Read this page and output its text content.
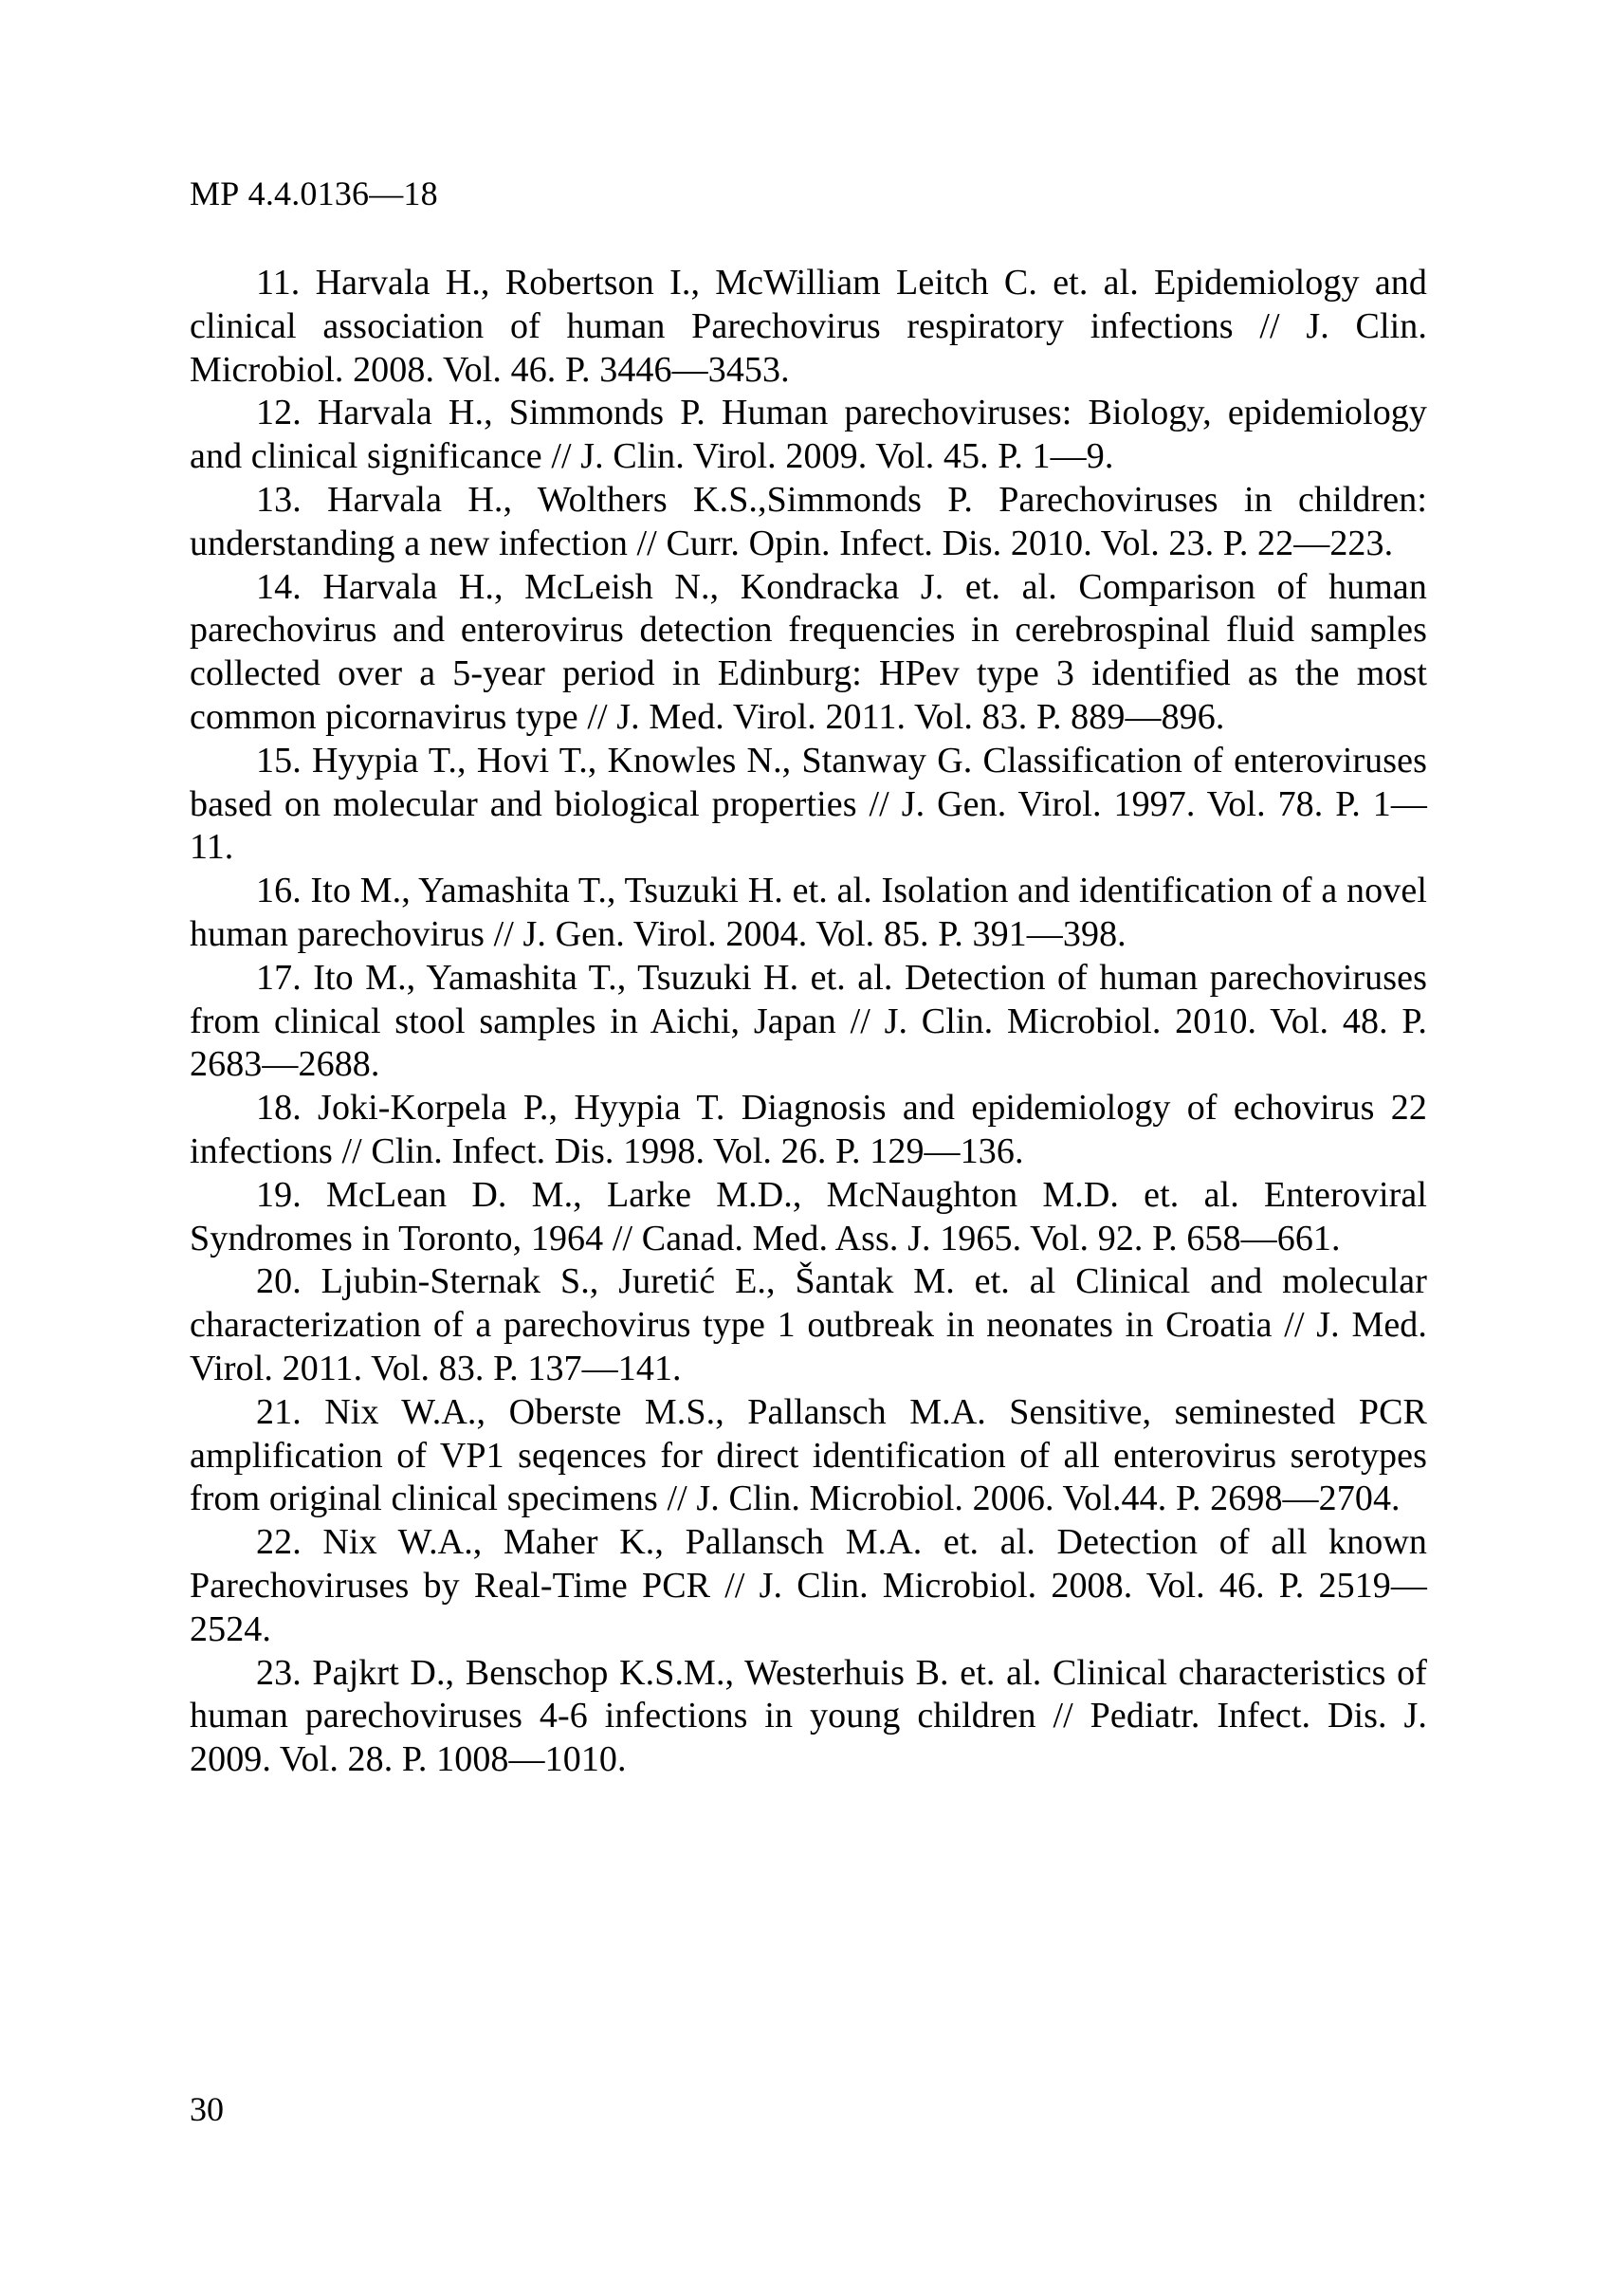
МР 4.4.0136—18
11. Harvala H., Robertson I., McWilliam Leitch C. et. al. Epidemiology and clinical association of human Parechovirus respiratory infections // J. Clin. Microbiol. 2008. Vol. 46. P. 3446—3453.
12. Harvala H., Simmonds P. Human parechoviruses: Biology, epidemiology and clinical significance // J. Clin. Virol. 2009. Vol. 45. P. 1—9.
13. Harvala H., Wolthers K.S.,Simmonds P. Parechoviruses in children: understanding a new infection // Curr. Opin. Infect. Dis. 2010. Vol. 23. P. 22—223.
14. Harvala H., McLeish N., Kondracka J. et. al. Comparison of human parechovirus and enterovirus detection frequencies in cerebrospinal fluid samples collected over a 5-year period in Edinburg: HPev type 3 identified as the most common picornavirus type // J. Med. Virol. 2011. Vol. 83. P. 889—896.
15. Hyypia T., Hovi T., Knowles N., Stanway G. Classification of enteroviruses based on molecular and biological properties // J. Gen. Virol. 1997. Vol. 78. P. 1—11.
16. Ito M., Yamashita T., Tsuzuki H. et. al. Isolation and identification of a novel human parechovirus // J. Gen. Virol. 2004. Vol. 85. P. 391—398.
17. Ito M., Yamashita T., Tsuzuki H. et. al. Detection of human parechoviruses from clinical stool samples in Aichi, Japan // J. Clin. Microbiol. 2010. Vol. 48. P. 2683—2688.
18. Joki-Korpela P., Hyypia T. Diagnosis and epidemiology of echovirus 22 infections // Clin. Infect. Dis. 1998. Vol. 26. P. 129—136.
19. McLean D. M., Larke M.D., McNaughton M.D. et. al. Enteroviral Syndromes in Toronto, 1964 // Canad. Med. Ass. J. 1965. Vol. 92. P. 658—661.
20. Ljubin-Sternak S., Juretić E., Šantak M. et. al Clinical and molecular characterization of a parechovirus type 1 outbreak in neonates in Croatia // J. Med. Virol. 2011. Vol. 83. P. 137—141.
21. Nix W.A., Oberste M.S., Pallansch M.A. Sensitive, seminested PCR amplification of VP1 seqences for direct identification of all enterovirus serotypes from original clinical specimens // J. Clin. Microbiol. 2006. Vol.44. P. 2698—2704.
22. Nix W.A., Maher K., Pallansch M.A. et. al. Detection of all known Parechoviruses by Real-Time PCR // J. Clin. Microbiol. 2008. Vol. 46. P. 2519—2524.
23. Pajkrt D., Benschop K.S.M., Westerhuis B. et. al. Clinical characteristics of human parechoviruses 4-6 infections in young children // Pediatr. Infect. Dis. J. 2009. Vol. 28. P. 1008—1010.
30
